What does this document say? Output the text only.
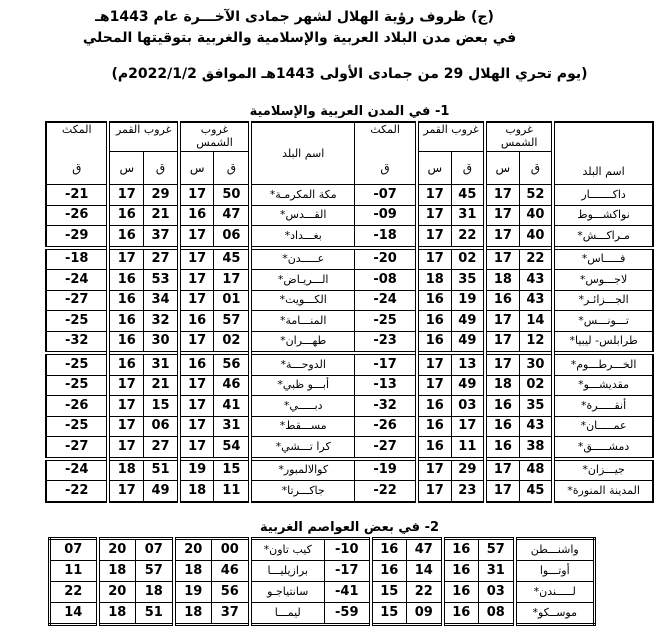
(ج) ظروف رؤية الهلال لشهر جمادى الآخـــرة عام 1443هـ
في بعض مدن البلاد العربية والإسلامية والغربية بتوقيتها المحلي
(يوم تحري الهلال 29 من جمادى الأولى 1443هـ الموافق 2022/1/2م)
1- في المدن العربية والإسلامية
اسم البلد	غروب الشمس		غروب القمر		المكث	اسم البلد	غروب الشمس		غروب القمر		المكث
	ق	س	ق	س	ق		ق	س	ق	س	ق
داكـــــــار	52	17	45	17	07-	مكة المكرمـة*	50	17	29	17	21-
نواكشـــوط	40	17	31	17	09-	القـــدس*	47	16	21	16	26-
مـراكـــش*	40	17	22	17	18-	بغـــداد*	06	17	37	16	29-
فـــــاس*	22	17	02	17	20-	عـــــدن*	45	17	27	17	18-
لاجـــوس*	43	18	35	18	08-	الـــريـاض*	17	17	53	16	24-
الجـــزائـر*	43	16	19	16	24-	الكـــويت*	01	17	34	16	27-
تـــونـــس*	14	17	49	16	25-	المنـــامة*	57	16	32	16	25-
طرابلس- ليبيا*	12	17	49	16	23-	طهـــران*	02	17	30	16	32-
الخـــرطـــوم*	30	17	13	17	17-	الدوحـــة*	56	16	31	16	25-
مقديشـــو*	02	18	49	17	13-	أبـــو ظبي*	46	17	21	17	25-
أنقـــــرة*	35	16	03	16	32-	دبـــــي*	41	17	15	17	26-
عمـــــان*	43	16	17	16	26-	مســـقط*	31	17	06	17	25-
دمشـــــق*	38	16	11	16	27-	كرا تـــشي*	54	17	27	17	27-
جيـــزان*	48	17	29	17	19-	كوالالمبور*	15	19	51	18	24-
المدينة المنورة*	45	17	23	17	22-	جاكـــرتا*	11	18	49	17	22-
2- في بعض العواصم الغربية
واشنـــطن	57	16	47	16	10-	كيب تاون*	00	20	07	20	07
أوتـــوا	31	16	14	16	17-	برازيليـــا	46	18	57	18	11
لـــــندن*	03	16	22	15	41-	سانتياجـو	56	19	18	20	22
موســكو*	08	16	09	15	59-	ليمـــا	37	18	51	18	14
